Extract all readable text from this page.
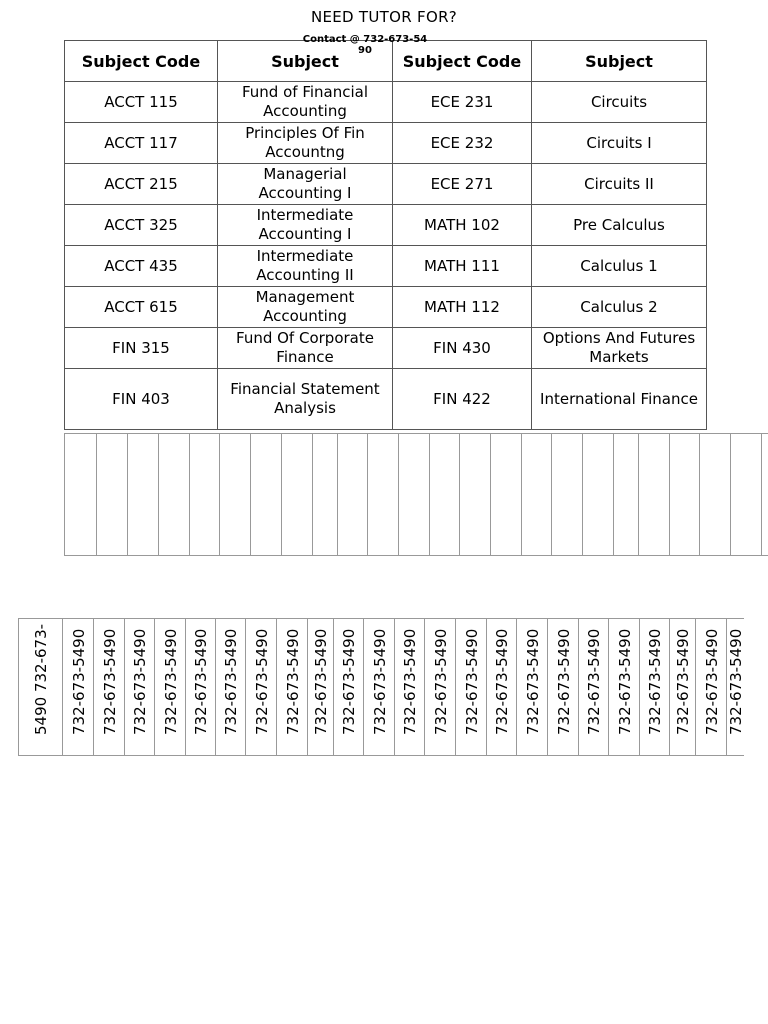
NEED TUTOR FOR?
Contact @ 732-673-5490
Subject Code	Subject	Subject Code	Subject
ACCT 115	Fund of Financial Accounting	ECE 231	Circuits
ACCT 117	Principles Of Fin Accountng	ECE 232	Circuits I
ACCT 215	Managerial Accounting I	ECE 271	Circuits II
ACCT 325	Intermediate Accounting I	MATH 102	Pre Calculus
ACCT 435	Intermediate Accounting II	MATH 111	Calculus 1
ACCT 615	Management Accounting	MATH 112	Calculus 2
FIN 315	Fund Of Corporate Finance	FIN 430	Options And Futures Markets
FIN 403	Financial Statement Analysis	FIN 422	International Finance
5490 732-673- 732-673-5490 732-673-5490 732-673-5490 732-673-5490 732-673-5490 732-673-5490 732-673-5490 732-673-5490 732-673-5490 732-673-5490 732-673-5490 732-673-5490 732-673-5490 732-673-5490 732-673-5490 732-673-5490 732-673-5490 732-673-5490 732-673-5490 732-673-5490 732-673-5490 732-673-5490 732-673-5490
